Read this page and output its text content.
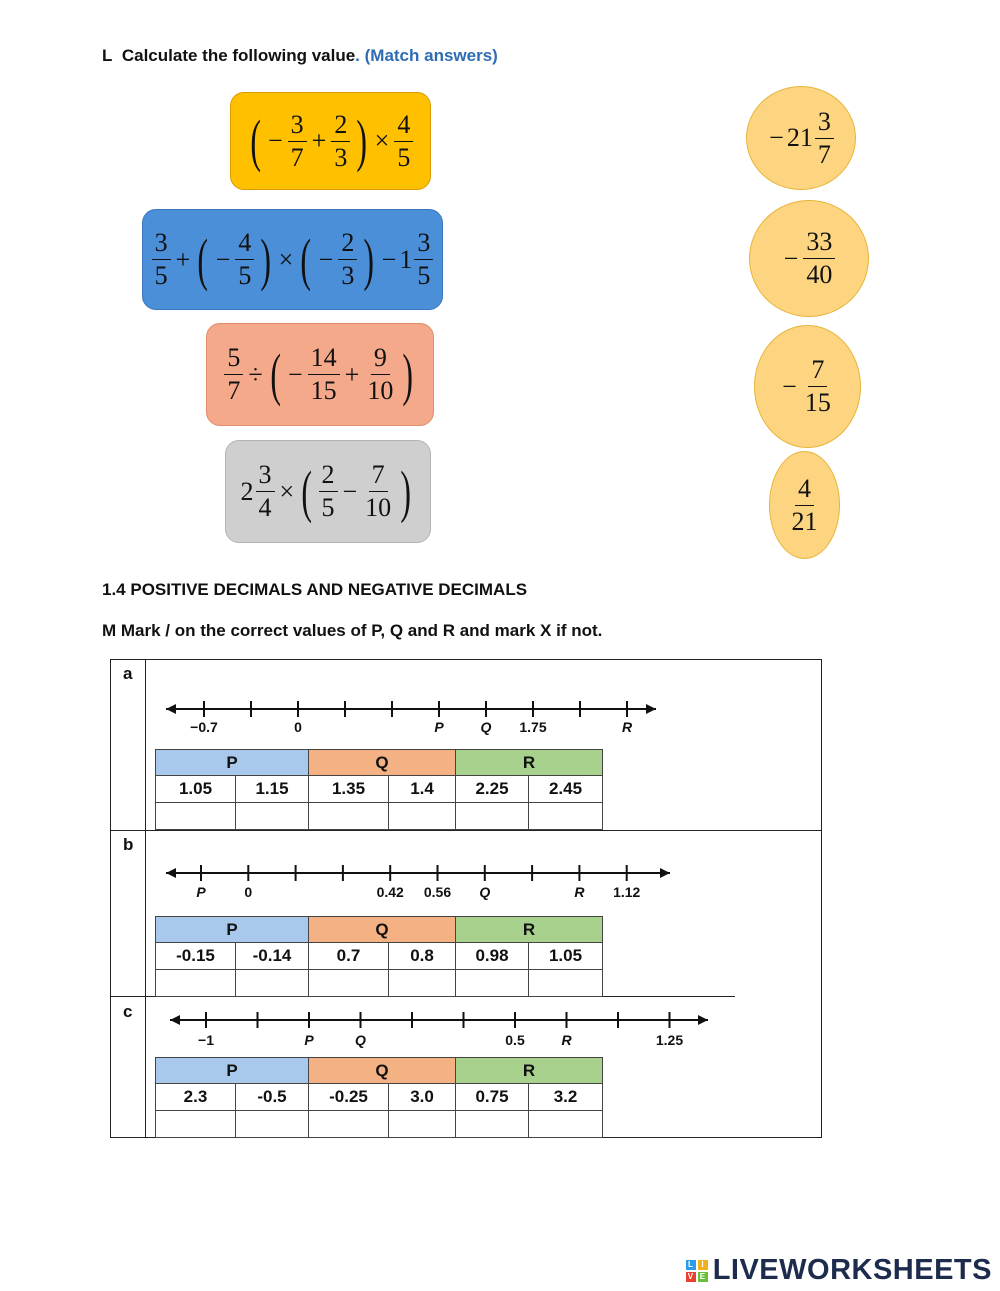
L Calculate the following value. (Match answers)
( − $\frac{3}{7} + \frac{2}{3}$ ) × $\frac{4}{5}$
$\frac{3}{5}$ + ( − $\frac{4}{5}$ ) × ( − $\frac{2}{3}$ ) − $1 \frac{3}{5}$
$\frac{5}{7}$ ÷ ( − $\frac{14}{15} + \frac{9}{10}$ )
$2 \frac{3}{4}$ × ( $\frac{2}{5} - \frac{7}{10}$ )
− $21 \frac{3}{7}$
− $\frac{33}{40}$
− $\frac{7}{15}$
$\frac{4}{21}$
1.4 POSITIVE DECIMALS AND NEGATIVE DECIMALS
M Mark / on the correct values of P, Q and R and mark X if not.
a
b
c
−0.7	0	P	Q 1.75	R
P	0	0.42 0.56 Q	R 1.12
−1	P	Q	0.5	R	1.25
P		Q		R	
1.05	1.15	1.35	1.4	2.25	2.45

P		Q		R	
-0.15	-0.14	0.7	0.8	0.98	1.05

P		Q		R	
2.3	-0.5	-0.25	3.0	0.75	3.2

L I
V E LIVEWORKSHEETS
